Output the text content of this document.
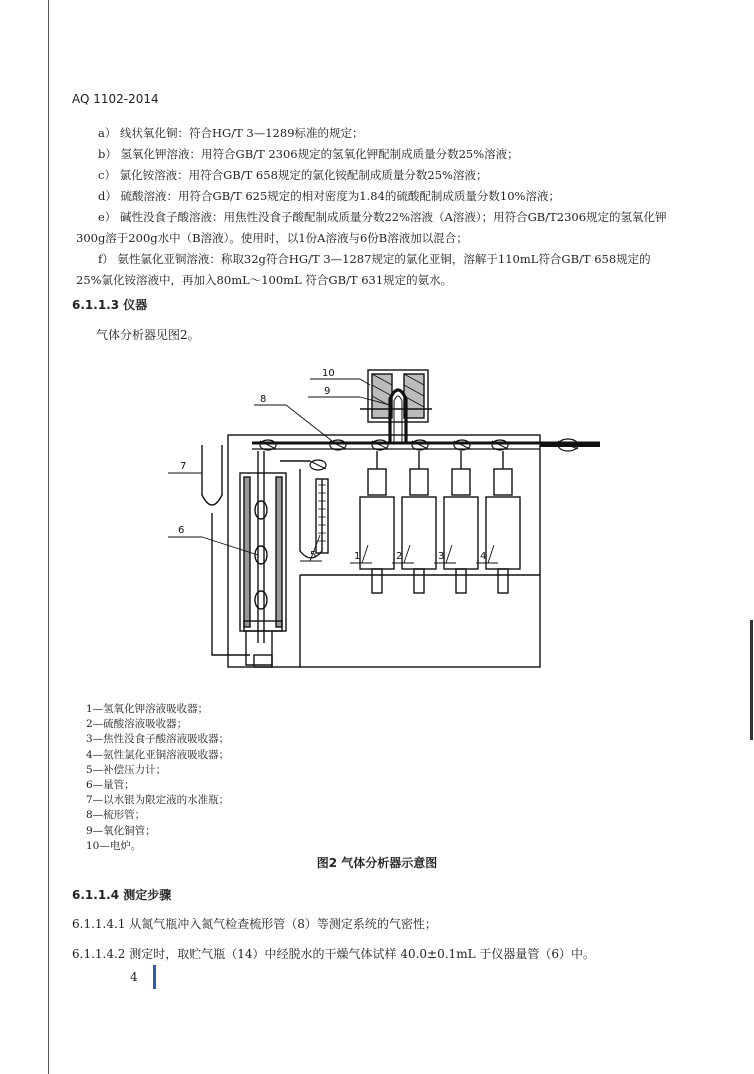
AQ 1102-2014
a） 线状氧化铜：符合HG/T 3—1289标准的规定；
b） 氢氧化钾溶液：用符合GB/T 2306规定的氢氧化钾配制成质量分数25%溶液；
c） 氯化铵溶液：用符合GB/T 658规定的氯化铵配制成质量分数25%溶液；
d） 硫酸溶液：用符合GB/T 625规定的相对密度为1.84的硫酸配制成质量分数10%溶液；
e） 碱性没食子酸溶液：用焦性没食子酸配制成质量分数22%溶液（A溶液）；用符合GB/T2306规定的氢氧化钾300g溶于200g水中（B溶液）。使用时，以1份A溶液与6份B溶液加以混合；
f） 氨性氯化亚铜溶液：称取32g符合HG/T 3—1287规定的氯化亚铜，溶解于110mL符合GB/T 658规定的25%氯化铵溶液中，再加入80mL～100mL 符合GB/T 631规定的氨水。
6.1.1.3 仪器
气体分析器见图2。
1	2	3	4
5
6
7
8
9
10
1—氢氧化钾溶液吸收器；
2—硫酸溶液吸收器；
3—焦性没食子酸溶液吸收器；
4—氨性氯化亚铜溶液吸收器；
5—补偿压力计；
6—量管；
7—以水银为限定液的水准瓶；
8—梳形管；
9—氧化铜管；
10—电炉。
图2 气体分析器示意图
6.1.1.4 测定步骤
6.1.1.4.1 从氮气瓶冲入氮气检查梳形管（8）等测定系统的气密性；
6.1.1.4.2 测定时，取贮气瓶（14）中经脱水的干燥气体试样 40.0±0.1mL 于仪器量管（6）中。
4
